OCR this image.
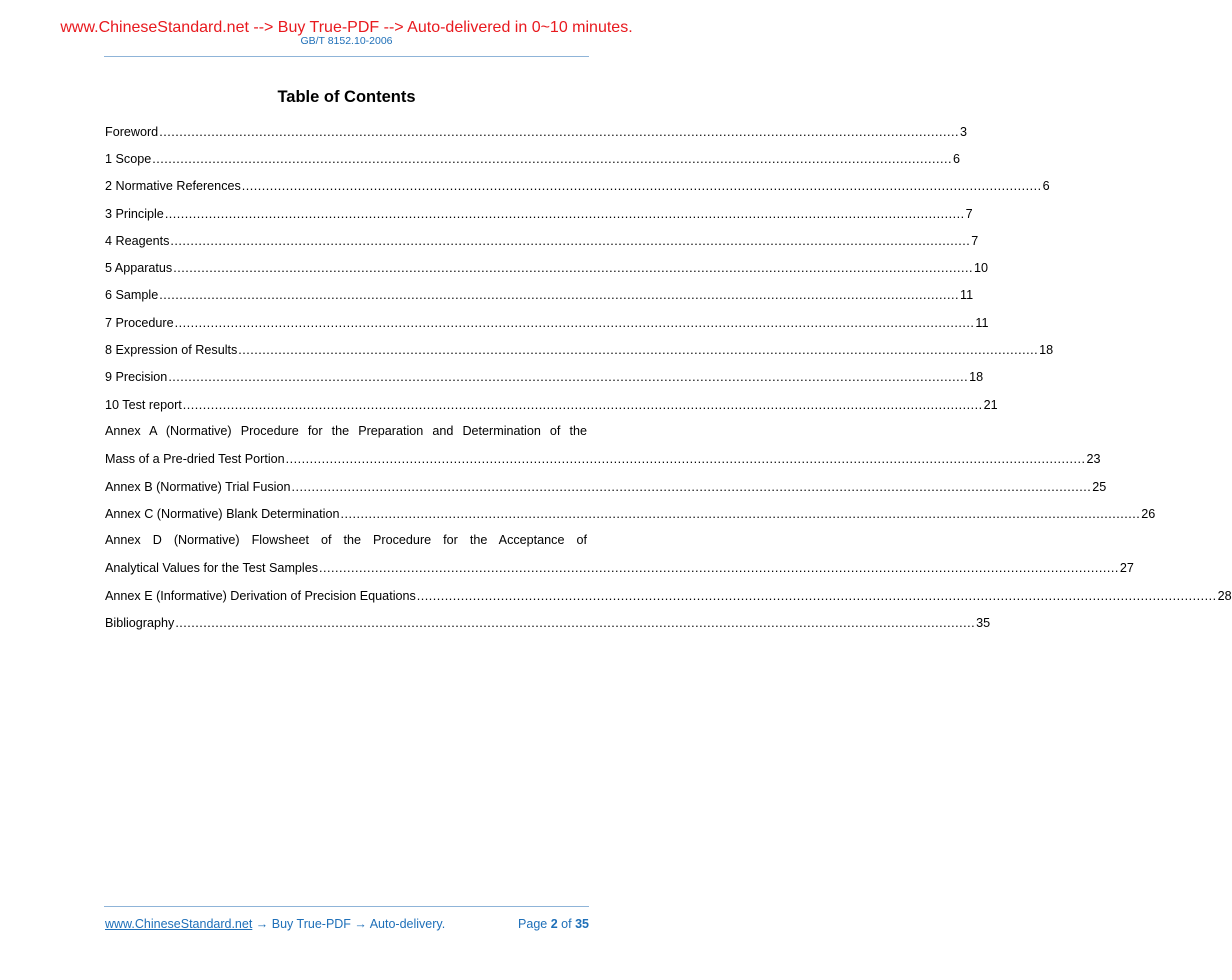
www.ChineseStandard.net --> Buy True-PDF --> Auto-delivered in 0~10 minutes.
GB/T 8152.10-2006
Table of Contents
Foreword ........................................................................................................................................................................................................ 3
1 Scope ........................................................................................................................................................................................................ 6
2 Normative References ........................................................................................................................................................................................................ 6
3 Principle ........................................................................................................................................................................................................ 7
4 Reagents ........................................................................................................................................................................................................ 7
5 Apparatus ........................................................................................................................................................................................................ 10
6 Sample ........................................................................................................................................................................................................ 11
7 Procedure ........................................................................................................................................................................................................ 11
8 Expression of Results ........................................................................................................................................................................................................ 18
9 Precision ........................................................................................................................................................................................................ 18
10 Test report ........................................................................................................................................................................................................ 21
Annex A (Normative) Procedure for the Preparation and Determination of the
Mass of a Pre-dried Test Portion ........................................................................................................................................................................................................ 23
Annex B (Normative) Trial Fusion ........................................................................................................................................................................................................ 25
Annex C (Normative) Blank Determination ........................................................................................................................................................................................................ 26
Annex D (Normative) Flowsheet of the Procedure for the Acceptance of
Analytical Values for the Test Samples ........................................................................................................................................................................................................ 27
Annex E (Informative) Derivation of Precision Equations ........................................................................................................................................................................................................ 28
Bibliography ........................................................................................................................................................................................................ 35
www.ChineseStandard.net → Buy True-PDF → Auto-delivery.	Page 2 of 35
